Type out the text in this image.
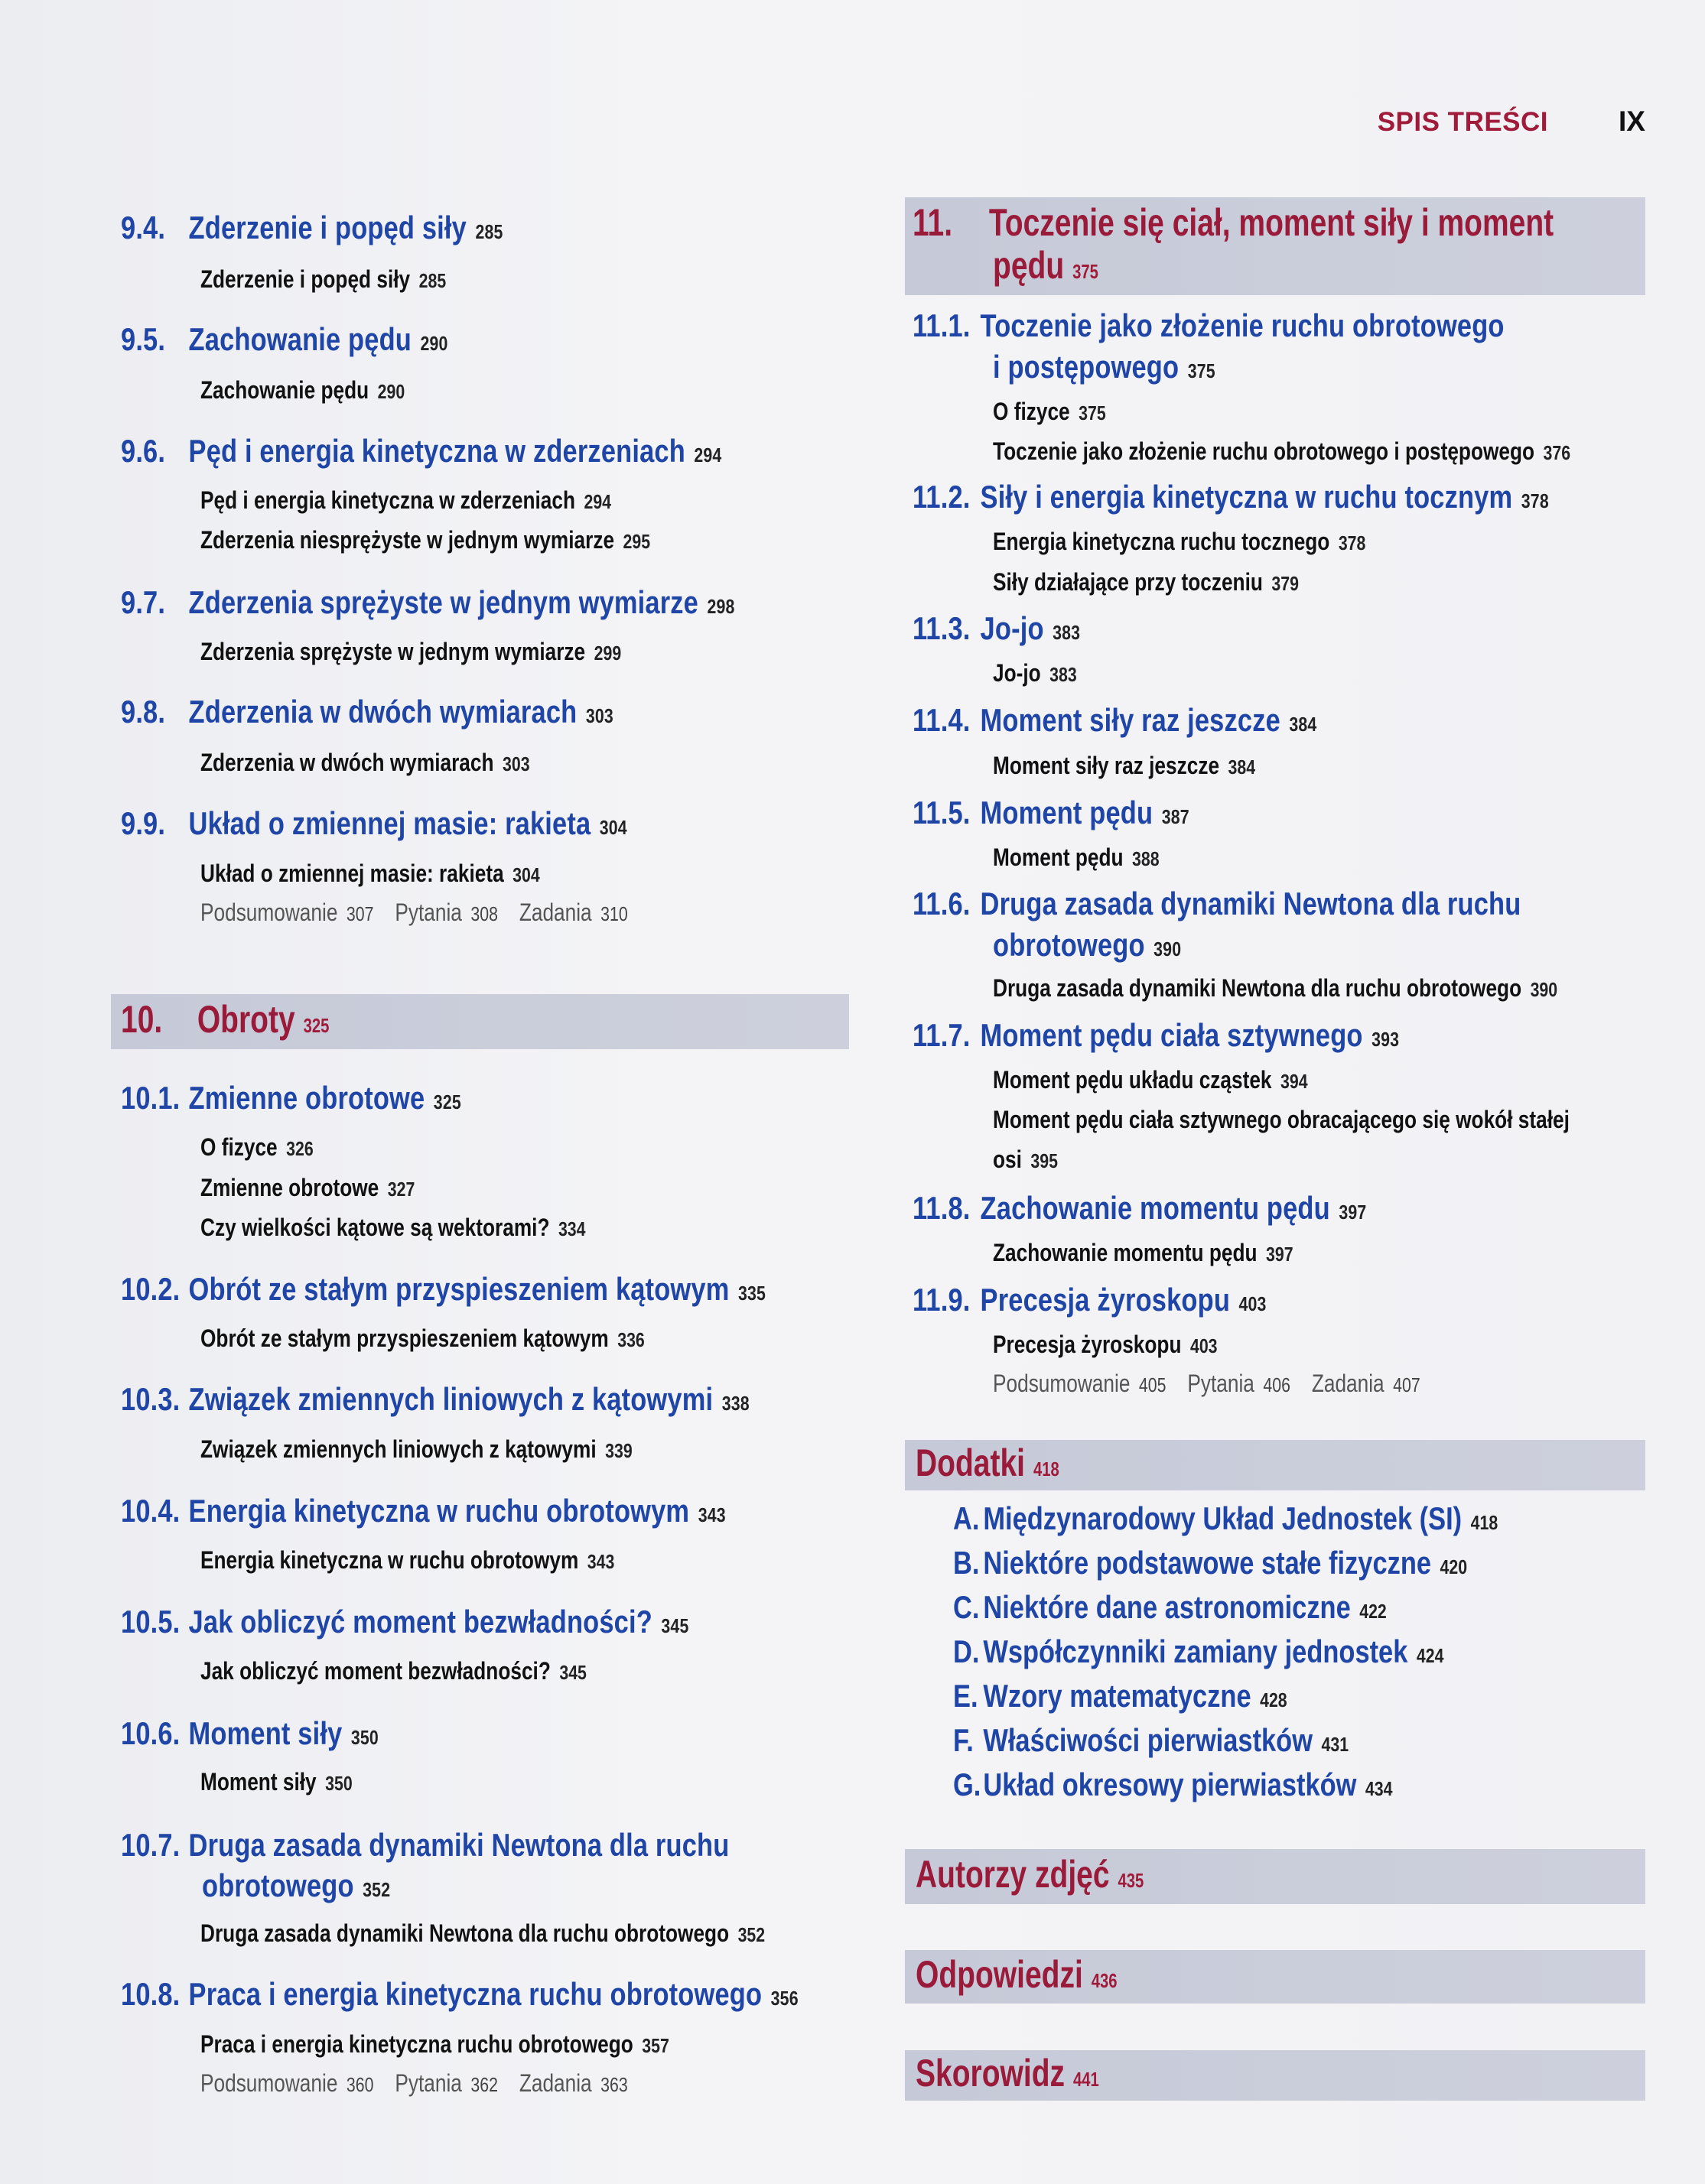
SPIS TREŚCI IX
9.4. Zderzenie i popęd siły 285
Zderzenie i popęd siły 285
9.5. Zachowanie pędu 290
Zachowanie pędu 290
9.6. Pęd i energia kinetyczna w zderzeniach 294
Pęd i energia kinetyczna w zderzeniach 294
Zderzenia niesprężyste w jednym wymiarze 295
9.7. Zderzenia sprężyste w jednym wymiarze 298
Zderzenia sprężyste w jednym wymiarze 299
9.8. Zderzenia w dwóch wymiarach 303
Zderzenia w dwóch wymiarach 303
9.9. Układ o zmiennej masie: rakieta 304
Układ o zmiennej masie: rakieta 304
Podsumowanie 307 Pytania 308 Zadania 310
10. Obroty 325
10.1. Zmienne obrotowe 325
O fizyce 326
Zmienne obrotowe 327
Czy wielkości kątowe są wektorami? 334
10.2. Obrót ze stałym przyspieszeniem kątowym 335
Obrót ze stałym przyspieszeniem kątowym 336
10.3. Związek zmiennych liniowych z kątowymi 338
Związek zmiennych liniowych z kątowymi 339
10.4. Energia kinetyczna w ruchu obrotowym 343
Energia kinetyczna w ruchu obrotowym 343
10.5. Jak obliczyć moment bezwładności? 345
Jak obliczyć moment bezwładności? 345
10.6. Moment siły 350
Moment siły 350
10.7. Druga zasada dynamiki Newtona dla ruchu
obrotowego 352
Druga zasada dynamiki Newtona dla ruchu obrotowego 352
10.8. Praca i energia kinetyczna ruchu obrotowego 356
Praca i energia kinetyczna ruchu obrotowego 357
Podsumowanie 360 Pytania 362 Zadania 363
11. Toczenie się ciał, moment siły i moment
pędu 375
11.1. Toczenie jako złożenie ruchu obrotowego
i postępowego 375
O fizyce 375
Toczenie jako złożenie ruchu obrotowego i postępowego 376
11.2. Siły i energia kinetyczna w ruchu tocznym 378
Energia kinetyczna ruchu tocznego 378
Siły działające przy toczeniu 379
11.3. Jo-jo 383
Jo-jo 383
11.4. Moment siły raz jeszcze 384
Moment siły raz jeszcze 384
11.5. Moment pędu 387
Moment pędu 388
11.6. Druga zasada dynamiki Newtona dla ruchu
obrotowego 390
Druga zasada dynamiki Newtona dla ruchu obrotowego 390
11.7. Moment pędu ciała sztywnego 393
Moment pędu układu cząstek 394
Moment pędu ciała sztywnego obracającego się wokół stałej
osi 395
11.8. Zachowanie momentu pędu 397
Zachowanie momentu pędu 397
11.9. Precesja żyroskopu 403
Precesja żyroskopu 403
Podsumowanie 405 Pytania 406 Zadania 407
Dodatki 418
A. Międzynarodowy Układ Jednostek (SI) 418
B. Niektóre podstawowe stałe fizyczne 420
C. Niektóre dane astronomiczne 422
D. Współczynniki zamiany jednostek 424
E. Wzory matematyczne 428
F. Właściwości pierwiastków 431
G.Układ okresowy pierwiastków 434
Autorzy zdjęć 435
Odpowiedzi 436
Skorowidz 441
